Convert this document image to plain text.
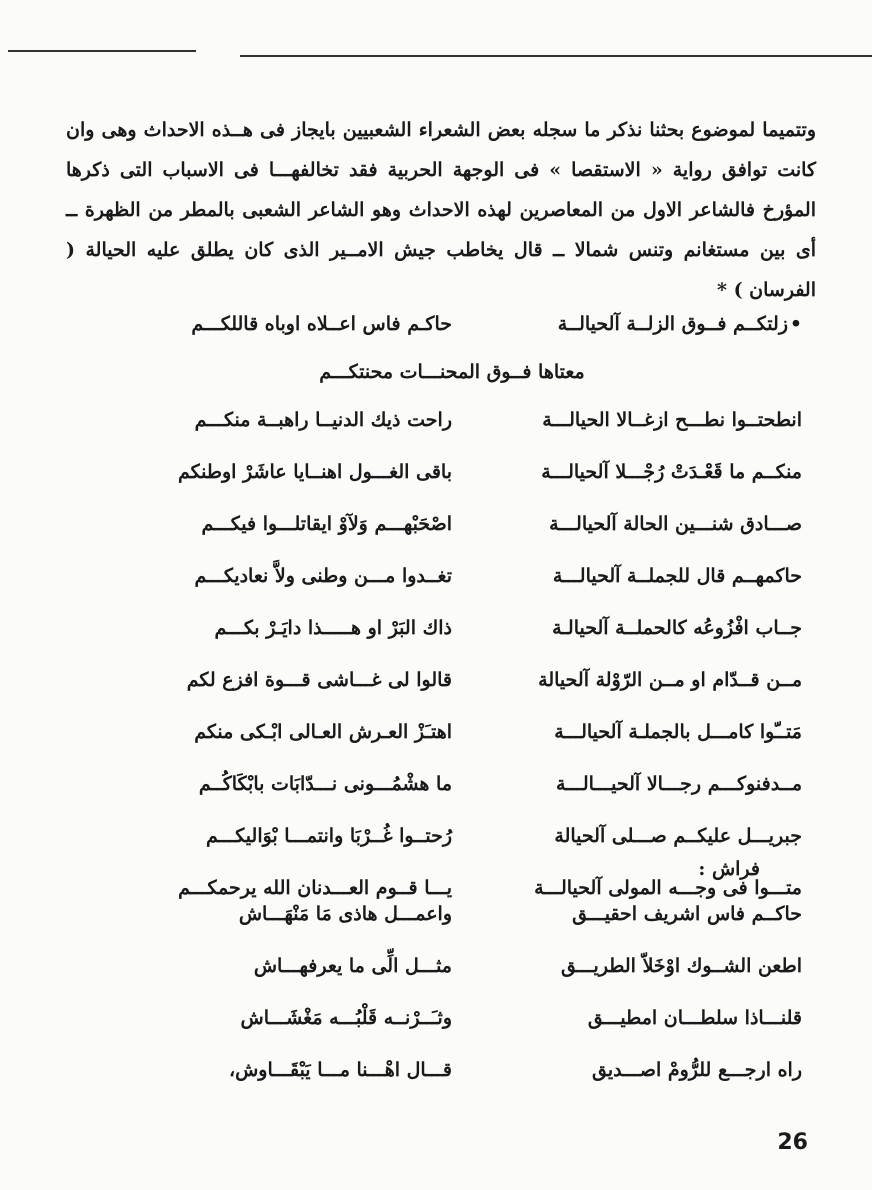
وتتميما لموضوع بحثنا نذكر ما سجله بعض الشعراء الشعبيين بايجاز فى هــذه الاحداث وهى وان كانت توافق رواية « الاستقصا » فى الوجهة الحربية فقد تخالفهـــا فى الاسباب التى ذكرها المؤرخ فالشاعر الاول من المعاصرين لهذه الاحداث وهو الشاعر الشعبى بالمطر من الظهرة ــ أى بين مستغانم وتنس شمالا ــ قال يخاطب جيش الامــير الذى كان يطلق عليه الحيالة ( الفرسان ) *

•زلتكــم فــوق الزلــة آلحيالــة
حاكـم فاس اعــلاه اوباه قاللكـــم
معتاها فــوق المحنـــات محنتكـــم
انطحتــوا نطـــح ازغــالا الحيالـــة
راحت ذيك الدنيــا راهبــة منكـــم
منكــم ما قَعْـدَتْ رُجْـــلا آلحيالـــة
باقى الغـــول اهنــايا عاشَرْ اوطنكم
صـــادق شنـــين الحالة آلحيالـــة
اصْحَبْهـــم وَلآوْ ايقاتلـــوا فيكـــم
حاكمهــم قال للجملــة آلحيالـــة
تغــدوا مـــن وطنى ولاَّ نعاديكـــم
جــاب افْزُوعُه كالحملــة آلحيالـة
ذاك البَرْ او هـــــذا دايَـرْ بكـــم
مــن قــدّام او مــن الرّوْلة آلحيالة
قالوا لى غـــاشى قـــوة افزع لكم
مَتــّوا كامـــل بالجملـة آلحيالـــة
اهتـَزْ العـرش العـالى ابْـكى منكم
مــدفنوكـــم رجـــالا آلحيـــالـــة
ما هشْمُـــونى نـــدّابَات بابْكَاكُــم
جبريـــل عليكــم صـــلى آلحيالة
رُحتــوا غُــرْبَا وانتمـــا بْوَاليكـــم
متـــوا فى وجـــه المولى آلحيالـــة
يـــا قــوم العـــدنان الله يرحمكـــم
فراش :
حاكــم فاس اشريف احقيـــق
واعمـــل هاذى مَا مَنْهَـــاش
اطعن الشــوك اوْخَلاّ الطريـــق
مثـــل الِّى ما يعرفهـــاش
قلنـــاذا سلطـــان امطيـــق
وثـَــرْنــه قَلْبُـــه مَغْشَـــاش
راه ارجـــع للرُّومْ اصـــديق
قـــال اهْـــنا مـــا يَبْقَـــاوش،
26
